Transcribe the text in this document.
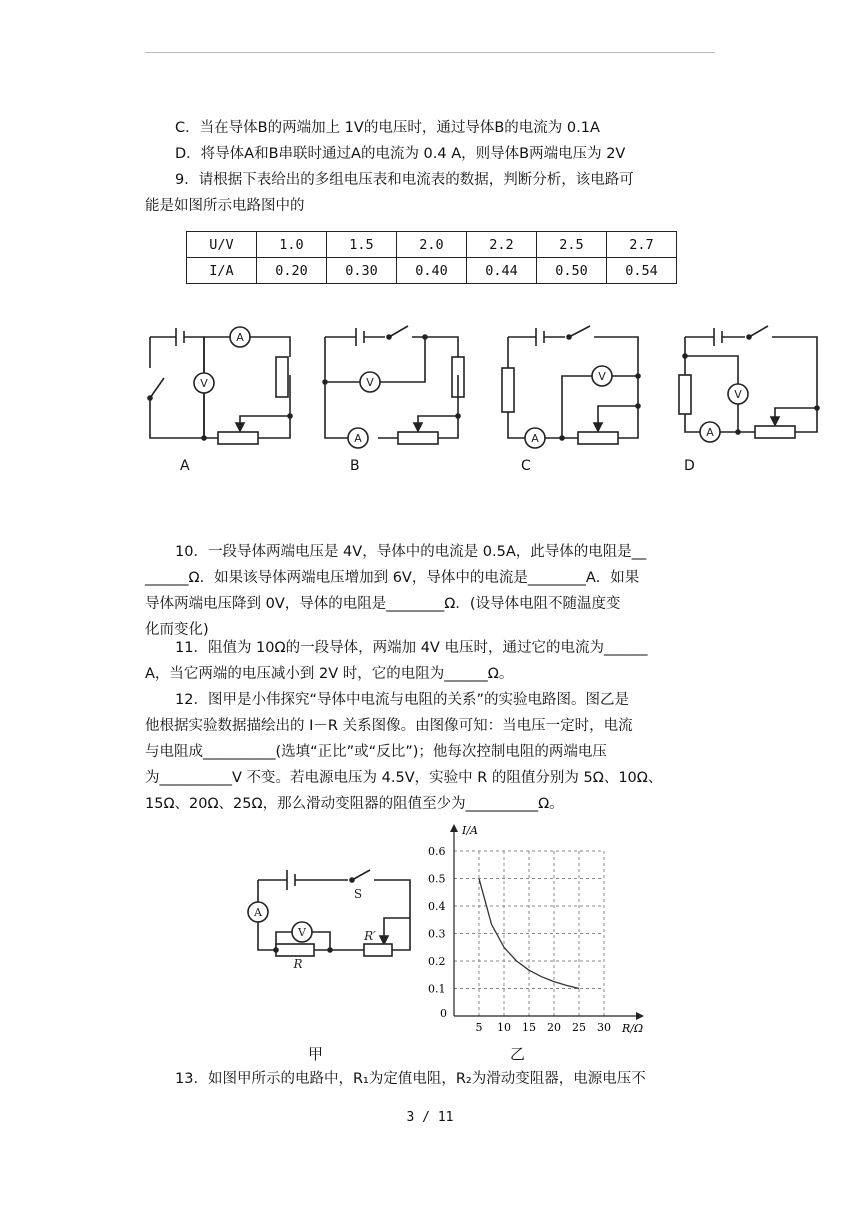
C．当在导体B的两端加上 1V的电压时，通过导体B的电流为 0.1A
D．将导体A和B串联时通过A的电流为 0.4 A，则导体B两端电压为 2V
9．请根据下表给出的多组电压表和电流表的数据，判断分析，该电路可
能是如图所示电路图中的
U/V	1.0	1.5	2.0	2.2	2.5	2.7
I/A	0.20	0.30	0.40	0.44	0.50	0.54
A
V	V
A
V
A
V
A
A	B	C	D
10．一段导体两端电压是 4V，导体中的电流是 0.5A，此导体的电阻是__
______Ω．如果该导体两端电压增加到 6V，导体中的电流是________A．如果
导体两端电压降到 0V，导体的电阻是________Ω．(设导体电阻不随温度变
化而变化)
11．阻值为 10Ω的一段导体，两端加 4V 电压时，通过它的电流为______
A，当它两端的电压减小到 2V 时，它的电阻为______Ω。
12．图甲是小伟探究“导体中电流与电阻的关系”的实验电路图。图乙是
他根据实验数据描绘出的 I－R 关系图像。由图像可知：当电压一定时，电流
与电阻成__________(选填“正比”或“反比”)；他每次控制电阻的两端电压
为__________V 不变。若电源电压为 4.5V，实验中 R 的阻值分别为 5Ω、10Ω、
15Ω、20Ω、25Ω，那么滑动变阻器的阻值至少为__________Ω。
A
V
S
R′
R
I/A
R/Ω
0
0.1
0.2
0.3
0.4
0.5
0.6
5 10 15 20 25 30
甲	乙
13．如图甲所示的电路中，R₁为定值电阻，R₂为滑动变阻器，电源电压不
3 / 11
